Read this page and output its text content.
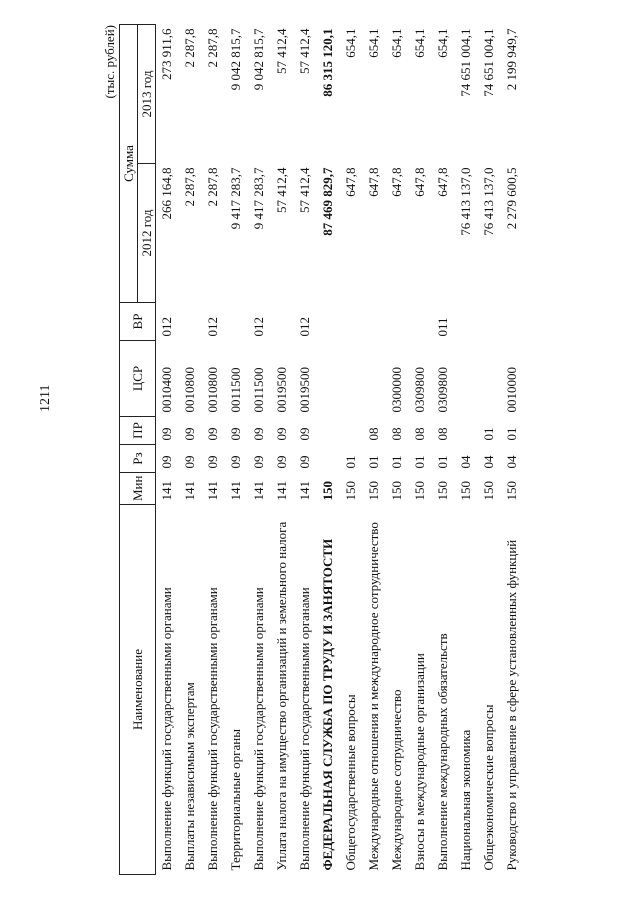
1211
(тыс. рублей)
Наименование	Мин	Рз	ПР	ЦСР	ВР	Сумма	
						2012 год	2013 год
Выполнение функций государственными органами	141	09	09	0010400	012	266 164,8	273 911,6
Выплаты независимым экспертам	141	09	09	0010800		2 287,8	2 287,8
Выполнение функций государственными органами	141	09	09	0010800	012	2 287,8	2 287,8
Территориальные органы	141	09	09	0011500		9 417 283,7	9 042 815,7
Выполнение функций государственными органами	141	09	09	0011500	012	9 417 283,7	9 042 815,7
Уплата налога на имущество организаций и земельного налога	141	09	09	0019500		57 412,4	57 412,4
Выполнение функций государственными органами	141	09	09	0019500	012	57 412,4	57 412,4
ФЕДЕРАЛЬНАЯ СЛУЖБА ПО ТРУДУ И ЗАНЯТОСТИ	150					87 469 829,7	86 315 120,1
Общегосударственные вопросы	150	01				647,8	654,1
Международные отношения и международное сотрудничество	150	01	08			647,8	654,1
Международное сотрудничество	150	01	08	0300000		647,8	654,1
Взносы в международные организации	150	01	08	0309800		647,8	654,1
Выполнение международных обязательств	150	01	08	0309800	011	647,8	654,1
Национальная экономика	150	04				76 413 137,0	74 651 004,1
Общеэкономические вопросы	150	04	01			76 413 137,0	74 651 004,1
Руководство и управление в сфере установленных функций	150	04	01	0010000		2 279 600,5	2 199 949,7
